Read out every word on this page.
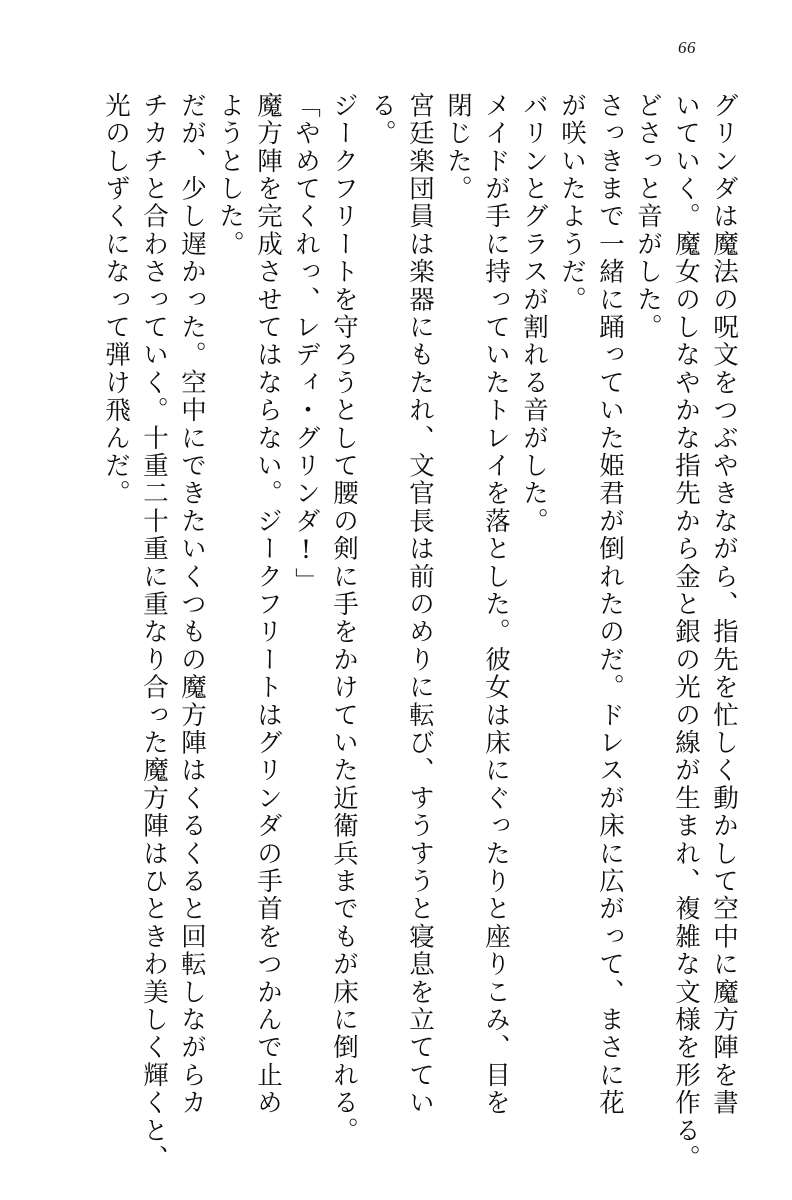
66
グリンダは魔法の呪文をつぶやきながら、指先を忙しく動かして空中に魔方陣を書
いていく。魔女のしなやかな指先から金と銀の光の線が生まれ、複雑な文様を形作る。
どさっと音がした。
さっきまで一緒に踊っていた姫君が倒れたのだ。ドレスが床に広がって、まさに花
が咲いたようだ。
バリンとグラスが割れる音がした。
メイドが手に持っていたトレイを落とした。彼女は床にぐったりと座りこみ、目を
閉じた。
宮廷楽団員は楽器にもたれ、文官長は前のめりに転び、すうすうと寝息を立ててい
る。
ジークフリートを守ろうとして腰の剣に手をかけていた近衛兵までもが床に倒れる。
「やめてくれっ、レディ・グリンダ!」
魔方陣を完成させてはならない。ジークフリートはグリンダの手首をつかんで止め
ようとした。
だが、少し遅かった。空中にできたいくつもの魔方陣はくるくると回転しながらカ
チカチと合わさっていく。十重二十重に重なり合った魔方陣はひときわ美しく輝くと、
光のしずくになって弾け飛んだ。
